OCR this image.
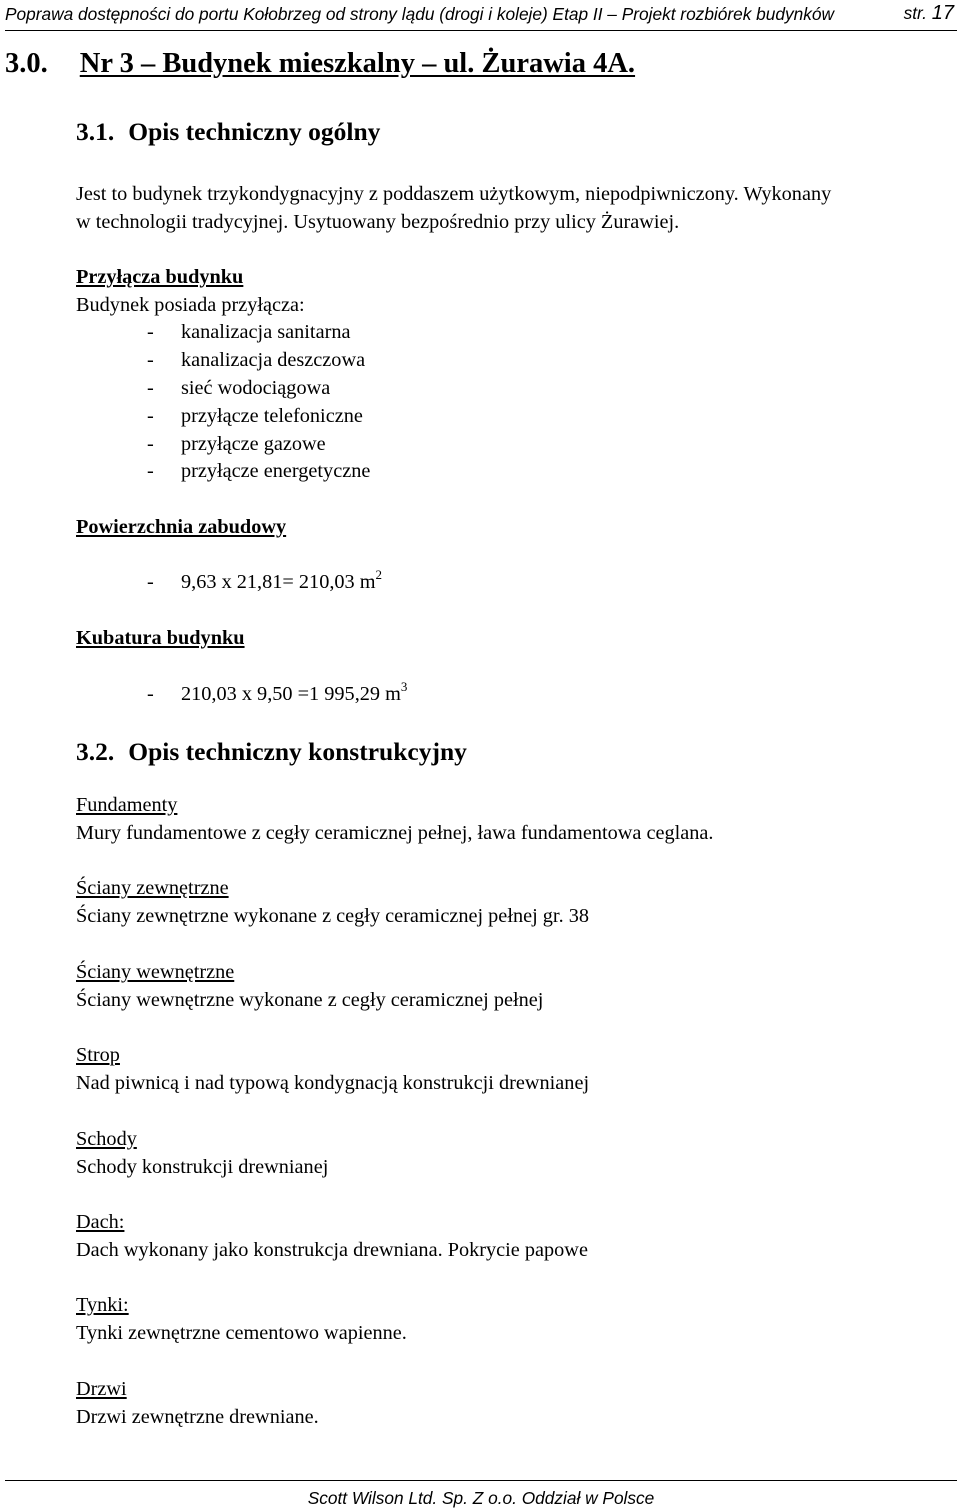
Poprawa dostępności do portu Kołobrzeg od strony lądu (drogi i koleje) Etap II – Projekt rozbiórek budynków	str. 17
3.0. Nr 3 – Budynek mieszkalny – ul. Żurawia 4A.
3.1. Opis techniczny ogólny
Jest to budynek trzykondygnacyjny z poddaszem użytkowym, niepodpiwniczony. Wykonany
w technologii tradycyjnej. Usytuowany bezpośrednio przy ulicy Żurawiej.
Przyłącza budynku
Budynek posiada przyłącza:
- kanalizacja sanitarna
- kanalizacja deszczowa
- sieć wodociągowa
- przyłącze telefoniczne
- przyłącze gazowe
- przyłącze energetyczne
Powierzchnia zabudowy
- 9,63 x 21,81= 210,03 $m^2$
Kubatura budynku
- 210,03 x 9,50 =1 995,29 $m^3$
3.2. Opis techniczny konstrukcyjny
Fundamenty
Mury fundamentowe z cegły ceramicznej pełnej, ława fundamentowa ceglana.
Ściany zewnętrzne
Ściany zewnętrzne wykonane z cegły ceramicznej pełnej gr. 38
Ściany wewnętrzne
Ściany wewnętrzne wykonane z cegły ceramicznej pełnej
Strop
Nad piwnicą i nad typową kondygnacją konstrukcji drewnianej
Schody
Schody konstrukcji drewnianej
Dach:
Dach wykonany jako konstrukcja drewniana. Pokrycie papowe
Tynki:
Tynki zewnętrzne cementowo wapienne.
Drzwi
Drzwi zewnętrzne drewniane.
Scott Wilson Ltd. Sp. Z o.o. Oddział w Polsce
